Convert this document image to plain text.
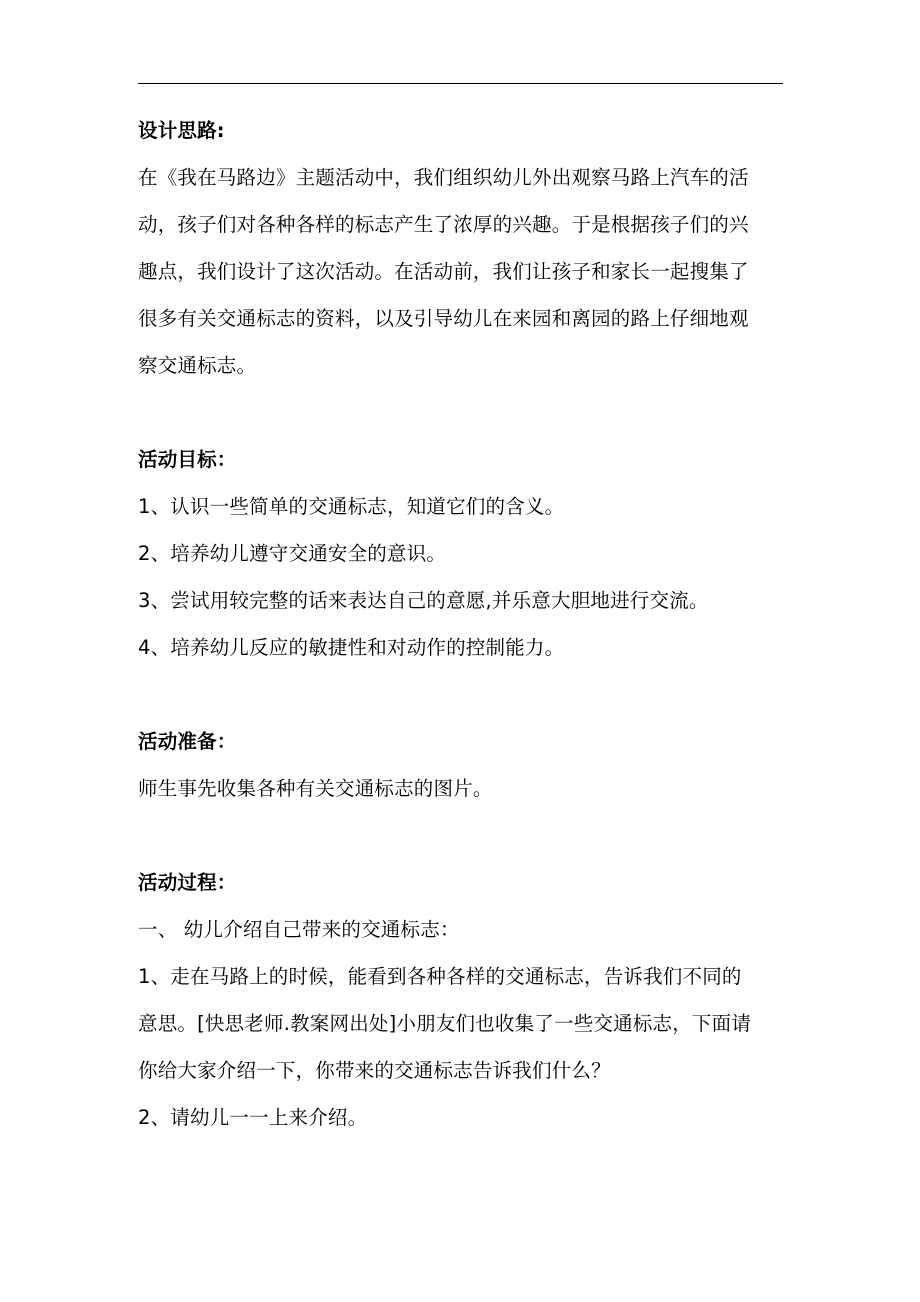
设计思路:

在《我在马路边》主题活动中，我们组织幼儿外出观察马路上汽车的活

动，孩子们对各种各样的标志产生了浓厚的兴趣。于是根据孩子们的兴

趣点，我们设计了这次活动。在活动前，我们让孩子和家长一起搜集了

很多有关交通标志的资料，以及引导幼儿在来园和离园的路上仔细地观

察交通标志。

活动目标：

1、认识一些简单的交通标志，知道它们的含义。

2、培养幼儿遵守交通安全的意识。

3、尝试用较完整的话来表达自己的意愿,并乐意大胆地进行交流。

4、培养幼儿反应的敏捷性和对动作的控制能力。

活动准备：

师生事先收集各种有关交通标志的图片。

活动过程：

一、 幼儿介绍自己带来的交通标志：

1、走在马路上的时候，能看到各种各样的交通标志，告诉我们不同的

意思。[快思老师.教案网出处]小朋友们也收集了一些交通标志，下面请

你给大家介绍一下，你带来的交通标志告诉我们什么？

2、请幼儿一一上来介绍。
